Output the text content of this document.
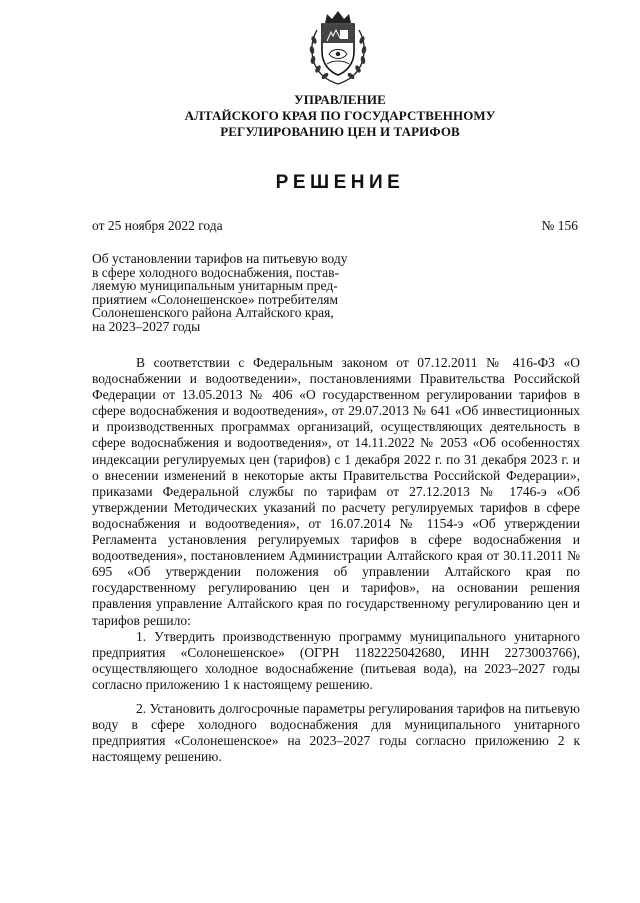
УПРАВЛЕНИЕ
АЛТАЙСКОГО КРАЯ ПО ГОСУДАРСТВЕННОМУ
РЕГУЛИРОВАНИЮ ЦЕН И ТАРИФОВ
РЕШЕНИЕ
от 25 ноября 2022 года	№ 156
Об установлении тарифов на питьевую воду
в сфере холодного водоснабжения, постав-
ляемую муниципальным унитарным пред-
приятием «Солонешенское» потребителям
Солонешенского района Алтайского края,
на 2023–2027 годы

В соответствии с Федеральным законом от 07.12.2011 № 416-ФЗ «О водоснабжении и водоотведении», постановлениями Правительства Российской Федерации от 13.05.2013 № 406 «О государственном регулировании тарифов в сфере водоснабжения и водоотведения», от 29.07.2013 № 641 «Об инвестиционных и производственных программах организаций, осуществляющих деятельность в сфере водоснабжения и водоотведения», от 14.11.2022 № 2053 «Об особенностях индексации регулируемых цен (тарифов) с 1 декабря 2022 г. по 31 декабря 2023 г. и о внесении изменений в некоторые акты Правительства Российской Федерации», приказами Федеральной службы по тарифам от 27.12.2013 № 1746-э «Об утверждении Методических указаний по расчету регулируемых тарифов в сфере водоснабжения и водоотведения», от 16.07.2014 № 1154-э «Об утверждении Регламента установления регулируемых тарифов в сфере водоснабжения и водоотведения», постановлением Администрации Алтайского края от 30.11.2011 № 695 «Об утверждении положения об управлении Алтайского края по государственному регулированию цен и тарифов», на основании решения правления управление Алтайского края по государственному регулированию цен и тарифов решило:

1. Утвердить производственную программу муниципального унитарного предприятия «Солонешенское» (ОГРН 1182225042680, ИНН 2273003766), осуществляющего холодное водоснабжение (питьевая вода), на 2023–2027 годы согласно приложению 1 к настоящему решению.

2. Установить долгосрочные параметры регулирования тарифов на питьевую воду в сфере холодного водоснабжения для муниципального унитарного предприятия «Солонешенское» на 2023–2027 годы согласно приложению 2 к настоящему решению.
